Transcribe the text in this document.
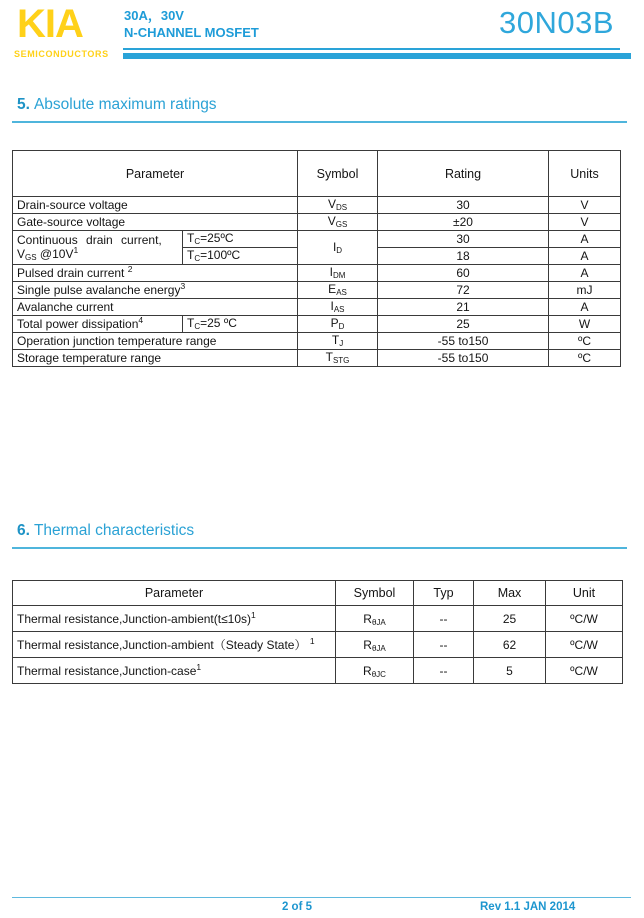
KIA
SEMICONDUCTORS
30A，30V
N-CHANNEL MOSFET	30N03B
5. Absolute maximum ratings
Parameter		Symbol	Rating	Units
Drain-source voltage		$V_{DS}$	30	V
Gate-source voltage		$V_{GS}$	±20	V
Continuous drain current,
$V_{GS}$ $@10V^1$	$T_C=25ºC$	$I_D$	30	A
	$T_C=100ºC$		18	A
Pulsed drain current $^2$		$I_{DM}$	60	A
Single pulse avalanche energy$^3$		$E_{AS}$	72	mJ
Avalanche current		$I_{AS}$	21	A
Total power dissipation$^4$	$T_C=25$ ºC	$P_D$	25	W
Operation junction temperature range		$T_J$	-55 to150	ºC
Storage temperature range		$T_{STG}$	-55 to150	ºC
6. Thermal characteristics
Parameter	Symbol	Typ	Max	Unit
Thermal resistance,Junction-ambient(t≤10s)$^1$	$R_{\theta JA}$	--	25	ºC/W
Thermal resistance,Junction-ambient（Steady State） $^1$	$R_{\theta JA}$	--	62	ºC/W
Thermal resistance,Junction-case$^1$	$R_{\theta JC}$	--	5	ºC/W
2 of 5	Rev 1.1 JAN 2014
